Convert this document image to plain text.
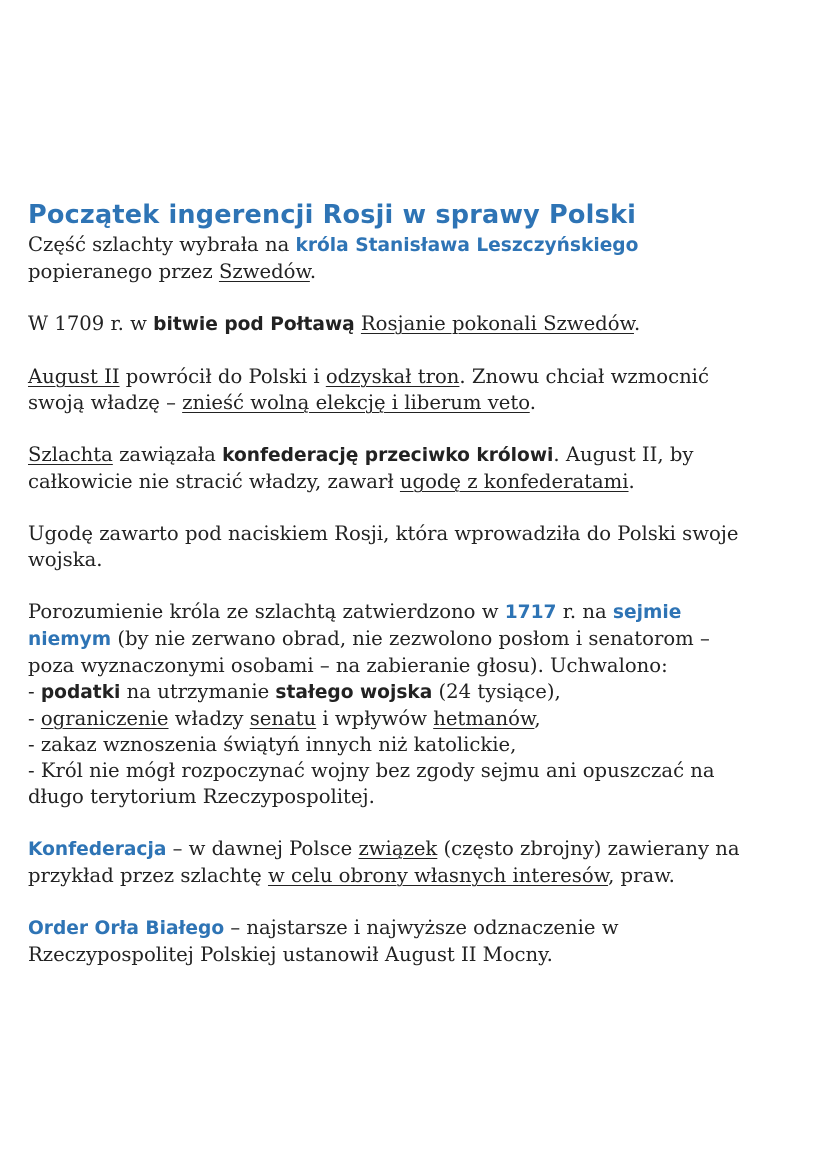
Początek ingerencji Rosji w sprawy Polski

Część szlachty wybrała na króla Stanisława Leszczyńskiego

popieranego przez Szwedów.

W 1709 r. w bitwie pod Połtawą Rosjanie pokonali Szwedów.

August II powrócił do Polski i odzyskał tron. Znowu chciał wzmocnić

swoją władzę – znieść wolną elekcję i liberum veto.

Szlachta zawiązała konfederację przeciwko królowi. August II, by

całkowicie nie stracić władzy, zawarł ugodę z konfederatami.

Ugodę zawarto pod naciskiem Rosji, która wprowadziła do Polski swoje

wojska.

Porozumienie króla ze szlachtą zatwierdzono w 1717 r. na sejmie

niemym (by nie zerwano obrad, nie zezwolono posłom i senatorom –

poza wyznaczonymi osobami – na zabieranie głosu). Uchwalono:

- podatki na utrzymanie stałego wojska (24 tysiące),

- ograniczenie władzy senatu i wpływów hetmanów,

- zakaz wznoszenia świątyń innych niż katolickie,

- Król nie mógł rozpoczynać wojny bez zgody sejmu ani opuszczać na

długo terytorium Rzeczypospolitej.

Konfederacja – w dawnej Polsce związek (często zbrojny) zawierany na

przykład przez szlachtę w celu obrony własnych interesów, praw.

Order Orła Białego – najstarsze i najwyższe odznaczenie w

Rzeczypospolitej Polskiej ustanowił August II Mocny.
